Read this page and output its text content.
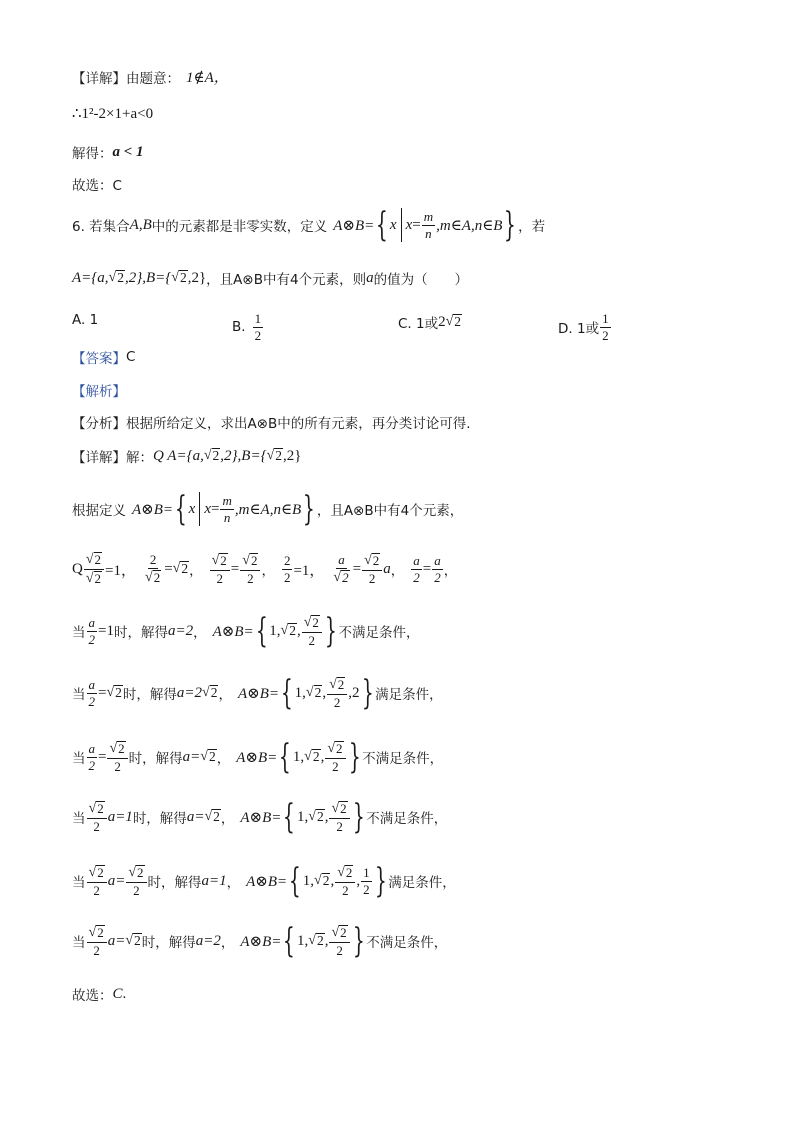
【详解】 由题意： 1∉A，
∴1²-2×1+a<0
解得： a < 1
故选：C
6. 若集合 A,B 中的元素都是非零实数，定义 A⊗B= { x $x = \frac{m}{n}$ ,m∈A,n∈B } ，若
A={a, √ 2 ,2},B={ √ 2 ,2} ，且A⊗B中有4个元素，则 a 的值为（　　）
A. 1	B. $\frac{1}{2}$	C. 1或 2 √ 2	D. 1或 $\frac{1}{2}$
【答案】 C
【解析】
【分析】 根据所给定义，求出A⊗B中的所有元素，再分类讨论可得.
【详解】 解： Q A={a, √ 2 ,2},B={ √ 2 ,2}
根据定义 A⊗B= { x $x = \frac{m}{n}$ ,m∈A,n∈B } ，且A⊗B中有4个元素，
Q $\frac{√ 2}{√ 2} =1$， $\frac{2}{√ 2}$ = √ 2 ， $\frac{√ 2}{2} = \frac{√ 2}{2}$ ， $\frac{2}{2} =1$， $\frac{a}{√ 2} = \frac{√ 2}{2}$ a ， $\frac{a}{2} = \frac{a}{2}$ ，
当 $\frac{a}{2} =1$ 时，解得 a=2 ， A⊗B= { 1, √ 2 , $\frac{√ 2}{2}$ } 不满足条件，
当 $\frac{a}{2}$ = √ 2 时，解得 a=2 √ 2 ， A⊗B= { 1, √ 2 , $\frac{√ 2}{2} ,2$ } 满足条件，
当 $\frac{a}{2} = \frac{√ 2}{2}$ 时，解得 a= √ 2 ， A⊗B= { 1, √ 2 , $\frac{√ 2}{2}$ } 不满足条件，
当 $\frac{√ 2}{2} a=1$ 时，解得 a= √ 2 ， A⊗B= { 1, √ 2 , $\frac{√ 2}{2}$ } 不满足条件，
当 $\frac{√ 2}{2} a= \frac{√ 2}{2}$ 时，解得 a=1 ， A⊗B= { 1, √ 2 , $\frac{√ 2}{2}$ , $\frac{1}{2}$ } 满足条件，
当 $\frac{√ 2}{2} a=$ √ 2 时，解得 a=2 ， A⊗B= { 1, √ 2 , $\frac{√ 2}{2}$ } 不满足条件，
故选： C .
